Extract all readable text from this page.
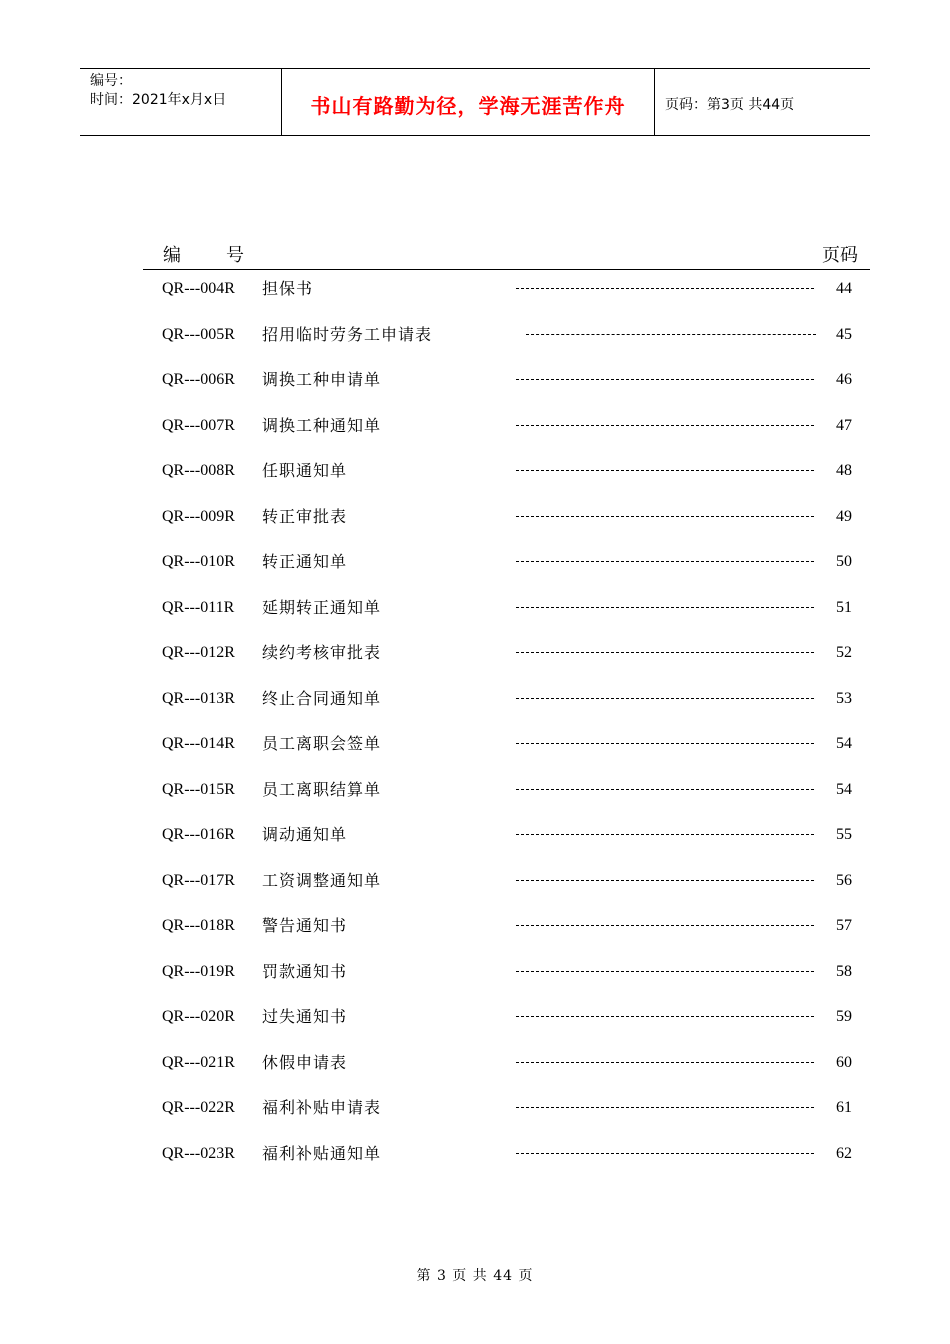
编号：
时间：2021年x月x日	书山有路勤为径，学海无涯苦作舟	页码：第3页 共44页
编	号	页码
QR---004R 担保书	44
QR---005R 招用临时劳务工申请表	45
QR---006R 调换工种申请单	46
QR---007R 调换工种通知单	47
QR---008R 任职通知单	48
QR---009R 转正审批表	49
QR---010R 转正通知单	50
QR---011R 延期转正通知单	51
QR---012R 续约考核审批表	52
QR---013R 终止合同通知单	53
QR---014R 员工离职会签单	54
QR---015R 员工离职结算单	54
QR---016R 调动通知单	55
QR---017R 工资调整通知单	56
QR---018R 警告通知书	57
QR---019R 罚款通知书	58
QR---020R 过失通知书	59
QR---021R 休假申请表	60
QR---022R 福利补贴申请表	61
QR---023R 福利补贴通知单	62
第 3 页 共 44 页
